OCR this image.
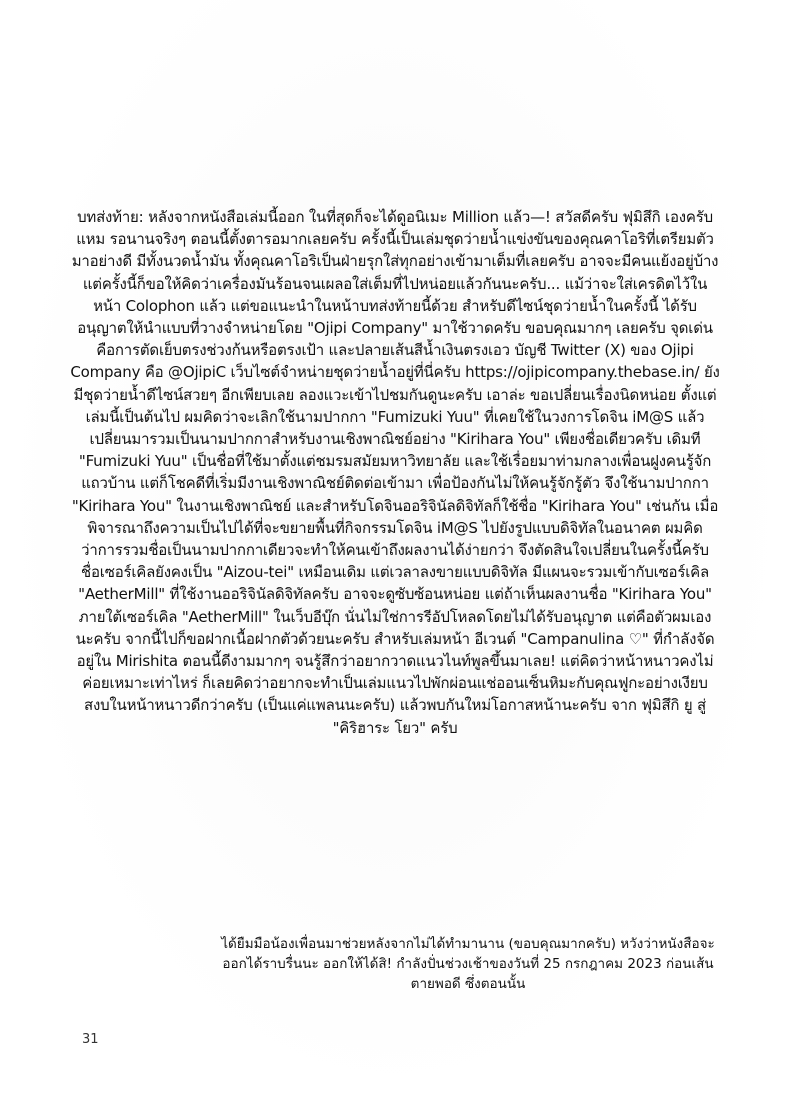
บทส่งท้าย: หลังจากหนังสือเล่มนี้ออก ในที่สุดก็จะได้ดูอนิเมะ Million แล้ว—! สวัสดีครับ ฟุมิสึกิ เองครับ แหม รอนานจริงๆ ตอนนี้ตั้งตารอมากเลยครับ ครั้งนี้เป็นเล่มชุดว่ายน้ำแข่งขันของคุณคาโอริที่เตรียมตัวมาอย่างดี มีทั้งนวดน้ำมัน ทั้งคุณคาโอริเป็นฝ่ายรุกใส่ทุกอย่างเข้ามาเต็มที่เลยครับ อาจจะมีคนแย้งอยู่บ้าง แต่ครั้งนี้ก็ขอให้คิดว่าเครื่องมันร้อนจนเผลอใส่เต็มที่ไปหน่อยแล้วกันนะครับ... แม้ว่าจะใส่เครดิตไว้ในหน้า Colophon แล้ว แต่ขอแนะนำในหน้าบทส่งท้ายนี้ด้วย สำหรับดีไซน์ชุดว่ายน้ำในครั้งนี้ ได้รับอนุญาตให้นำแบบที่วางจำหน่ายโดย "Ojipi Company" มาใช้วาดครับ ขอบคุณมากๆ เลยครับ จุดเด่นคือการตัดเย็บตรงช่วงก้นหรือตรงเป้า และปลายเส้นสีน้ำเงินตรงเอว บัญชี Twitter (X) ของ Ojipi Company คือ @OjipiC เว็บไซต์จำหน่ายชุดว่ายน้ำอยู่ที่นี่ครับ https://ojipicompany.thebase.in/ ยังมีชุดว่ายน้ำดีไซน์สวยๆ อีกเพียบเลย ลองแวะเข้าไปชมกันดูนะครับ เอาล่ะ ขอเปลี่ยนเรื่องนิดหน่อย ตั้งแต่เล่มนี้เป็นต้นไป ผมคิดว่าจะเลิกใช้นามปากกา "Fumizuki Yuu" ที่เคยใช้ในวงการโดจิน iM@S แล้วเปลี่ยนมารวมเป็นนามปากกาสำหรับงานเชิงพาณิชย์อย่าง "Kirihara You" เพียงชื่อเดียวครับ เดิมที "Fumizuki Yuu" เป็นชื่อที่ใช้มาตั้งแต่ชมรมสมัยมหาวิทยาลัย และใช้เรื่อยมาท่ามกลางเพื่อนฝูงคนรู้จักแถวบ้าน แต่ก็โชคดีที่เริ่มมีงานเชิงพาณิชย์ติดต่อเข้ามา เพื่อป้องกันไม่ให้คนรู้จักรู้ตัว จึงใช้นามปากกา "Kirihara You" ในงานเชิงพาณิชย์ และสำหรับโดจินออริจินัลดิจิทัลก็ใช้ชื่อ "Kirihara You" เช่นกัน เมื่อพิจารณาถึงความเป็นไปได้ที่จะขยายพื้นที่กิจกรรมโดจิน iM@S ไปยังรูปแบบดิจิทัลในอนาคต ผมคิดว่าการรวมชื่อเป็นนามปากกาเดียวจะทำให้คนเข้าถึงผลงานได้ง่ายกว่า จึงตัดสินใจเปลี่ยนในครั้งนี้ครับ ชื่อเซอร์เคิลยังคงเป็น "Aizou-tei" เหมือนเดิม แต่เวลาลงขายแบบดิจิทัล มีแผนจะรวมเข้ากับเซอร์เคิล "AetherMill" ที่ใช้งานออริจินัลดิจิทัลครับ อาจจะดูซับซ้อนหน่อย แต่ถ้าเห็นผลงานชื่อ "Kirihara You" ภายใต้เซอร์เคิล "AetherMill" ในเว็บอีบุ๊ก นั่นไม่ใช่การรีอัปโหลดโดยไม่ได้รับอนุญาต แต่คือตัวผมเองนะครับ จากนี้ไปก็ขอฝากเนื้อฝากตัวด้วยนะครับ สำหรับเล่มหน้า อีเวนต์ "Campanulina ♡" ที่กำลังจัดอยู่ใน Mirishita ตอนนี้ดีงามมากๆ จนรู้สึกว่าอยากวาดแนวไนท์พูลขึ้นมาเลย! แต่คิดว่าหน้าหนาวคงไม่ค่อยเหมาะเท่าไหร่ ก็เลยคิดว่าอยากจะทำเป็นเล่มแนวไปพักผ่อนแช่ออนเซ็นหิมะกับคุณฟูกะอย่างเงียบสงบในหน้าหนาวดีกว่าครับ (เป็นแค่แพลนนะครับ) แล้วพบกันใหม่โอกาสหน้านะครับ จาก ฟุมิสึกิ ยู สู่ "คิริฮาระ โยว" ครับ

ได้ยืมมือน้องเพื่อนมาช่วยหลังจากไม่ได้ทำมานาน (ขอบคุณมากครับ) หวังว่าหนังสือจะออกได้ราบรื่นนะ ออกให้ได้สิ! กำลังปั่นช่วงเช้าของวันที่ 25 กรกฎาคม 2023 ก่อนเส้นตายพอดี ซึ่งตอนนั้น

31
